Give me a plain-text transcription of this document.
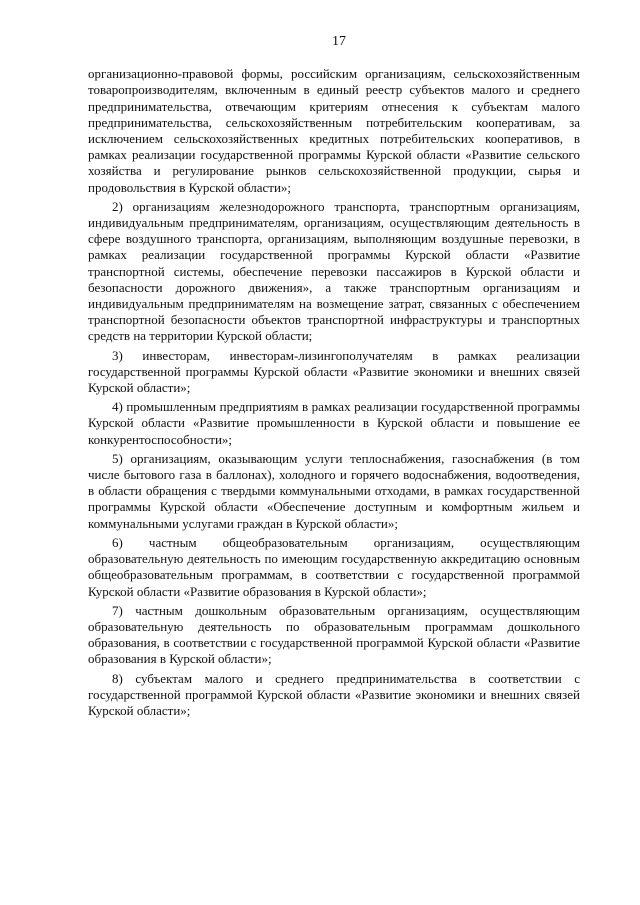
17

организационно-правовой формы, российским организациям, сельскохозяйственным товаропроизводителям, включенным в единый реестр субъектов малого и среднего предпринимательства, отвечающим критериям отнесения к субъектам малого предпринимательства, сельскохозяйственным потребительским кооперативам, за исключением сельскохозяйственных кредитных потребительских кооперативов, в рамках реализации государственной программы Курской области «Развитие сельского хозяйства и регулирование рынков сельскохозяйственной продукции, сырья и продовольствия в Курской области»;

2) организациям железнодорожного транспорта, транспортным организациям, индивидуальным предпринимателям, организациям, осуществляющим деятельность в сфере воздушного транспорта, организациям, выполняющим воздушные перевозки, в рамках реализации государственной программы Курской области «Развитие транспортной системы, обеспечение перевозки пассажиров в Курской области и безопасности дорожного движения», а также транспортным организациям и индивидуальным предпринимателям на возмещение затрат, связанных с обеспечением транспортной безопасности объектов транспортной инфраструктуры и транспортных средств на территории Курской области;

3) инвесторам, инвесторам-лизингополучателям в рамках реализации государственной программы Курской области «Развитие экономики и внешних связей Курской области»;

4) промышленным предприятиям в рамках реализации государственной программы Курской области «Развитие промышленности в Курской области и повышение ее конкурентоспособности»;

5) организациям, оказывающим услуги теплоснабжения, газоснабжения (в том числе бытового газа в баллонах), холодного и горячего водоснабжения, водоотведения, в области обращения с твердыми коммунальными отходами, в рамках государственной программы Курской области «Обеспечение доступным и комфортным жильем и коммунальными услугами граждан в Курской области»;

6) частным общеобразовательным организациям, осуществляющим образовательную деятельность по имеющим государственную аккредитацию основным общеобразовательным программам, в соответствии с государственной программой Курской области «Развитие образования в Курской области»;

7) частным дошкольным образовательным организациям, осуществляющим образовательную деятельность по образовательным программам дошкольного образования, в соответствии с государственной программой Курской области «Развитие образования в Курской области»;

8) субъектам малого и среднего предпринимательства в соответствии с государственной программой Курской области «Развитие экономики и внешних связей Курской области»;
